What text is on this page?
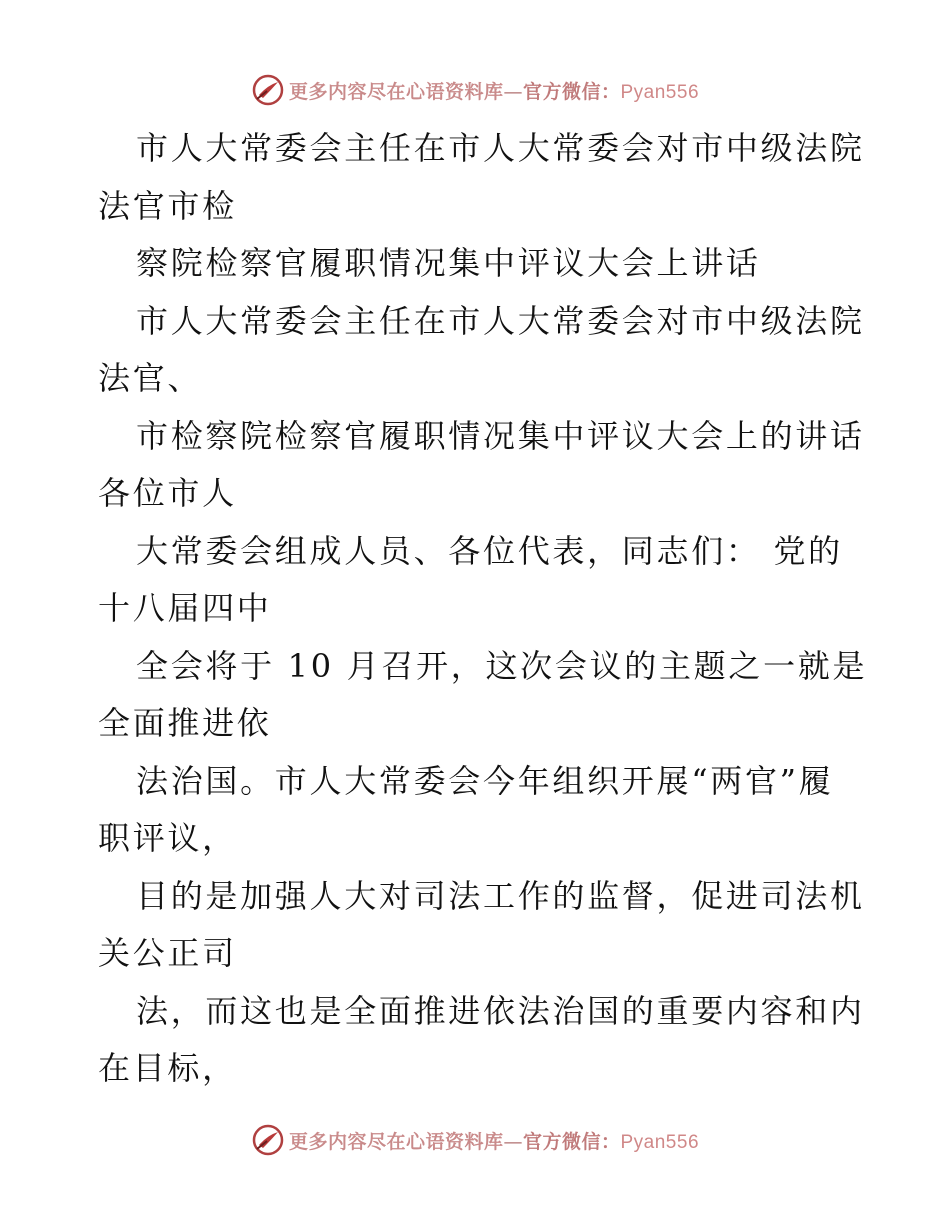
更多内容尽在心语资料库—官方微信：Pyan556
市人大常委会主任在市人大常委会对市中级法院
法官市检
察院检察官履职情况集中评议大会上讲话
市人大常委会主任在市人大常委会对市中级法院
法官、
市检察院检察官履职情况集中评议大会上的讲话
各位市人
大常委会组成人员、各位代表，同志们： 党的
十八届四中
全会将于 10 月召开，这次会议的主题之一就是
全面推进依
法治国。市人大常委会今年组织开展“两官”履
职评议，
目的是加强人大对司法工作的监督，促进司法机
关公正司
法，而这也是全面推进依法治国的重要内容和内
在目标，
更多内容尽在心语资料库—官方微信：Pyan556
